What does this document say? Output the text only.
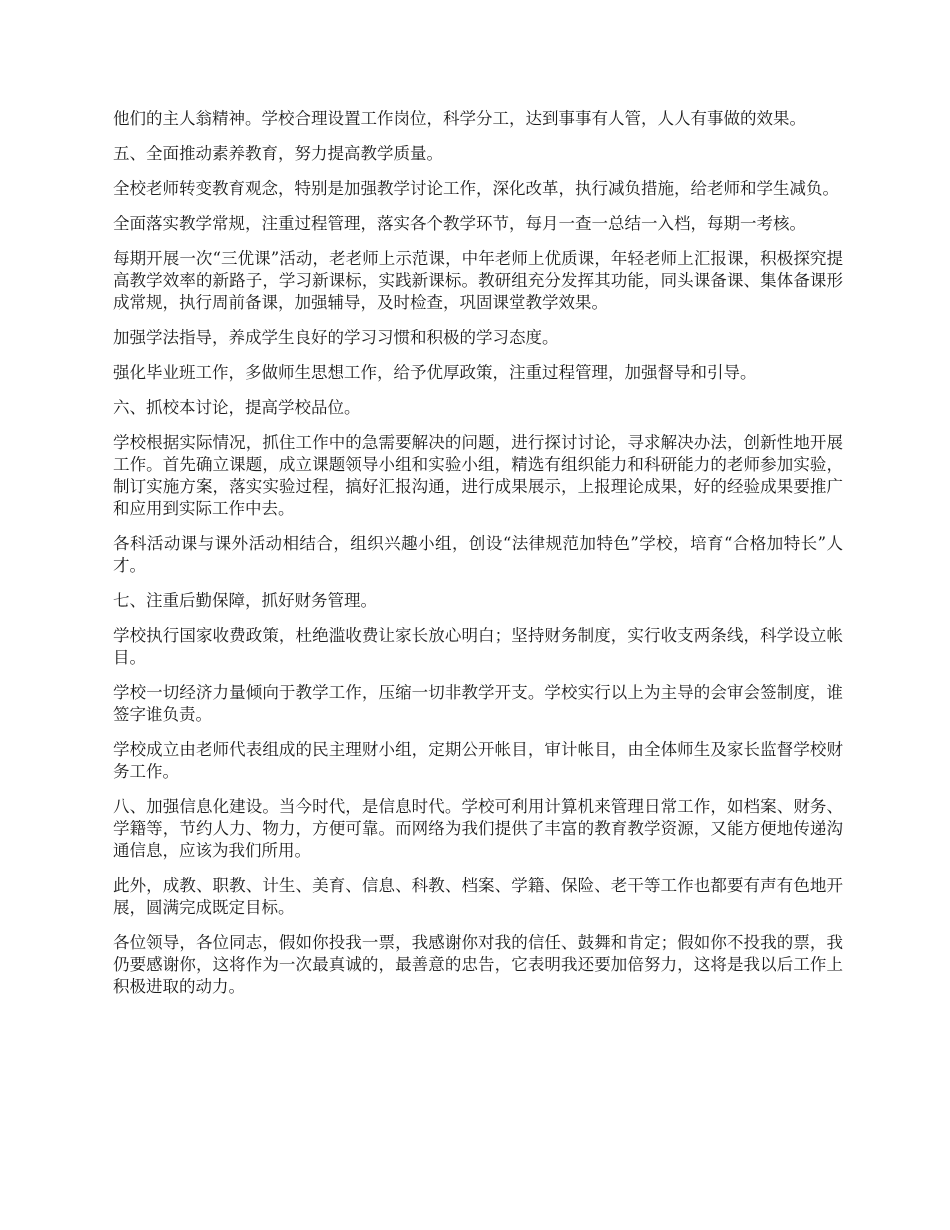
他们的主人翁精神。学校合理设置工作岗位，科学分工，达到事事有人管，人人有事做的效果。

五、全面推动素养教育，努力提高教学质量。

全校老师转变教育观念，特别是加强教学讨论工作，深化改革，执行减负措施，给老师和学生减负。

全面落实教学常规，注重过程管理，落实各个教学环节，每月一查一总结一入档，每期一考核。

每期开展一次“三优课”活动，老老师上示范课，中年老师上优质课，年轻老师上汇报课，积极探究提高教学效率的新路子，学习新课标，实践新课标。教研组充分发挥其功能，同头课备课、集体备课形成常规，执行周前备课，加强辅导，及时检查，巩固课堂教学效果。

加强学法指导，养成学生良好的学习习惯和积极的学习态度。

强化毕业班工作，多做师生思想工作，给予优厚政策，注重过程管理，加强督导和引导。

六、抓校本讨论，提高学校品位。

学校根据实际情况，抓住工作中的急需要解决的问题，进行探讨讨论，寻求解决办法，创新性地开展工作。首先确立课题，成立课题领导小组和实验小组，精选有组织能力和科研能力的老师参加实验，制订实施方案，落实实验过程，搞好汇报沟通，进行成果展示，上报理论成果，好的经验成果要推广和应用到实际工作中去。

各科活动课与课外活动相结合，组织兴趣小组，创设“法律规范加特色”学校，培育“合格加特长”人才。

七、注重后勤保障，抓好财务管理。

学校执行国家收费政策，杜绝滥收费让家长放心明白；坚持财务制度，实行收支两条线，科学设立帐目。

学校一切经济力量倾向于教学工作，压缩一切非教学开支。学校实行以上为主导的会审会签制度，谁签字谁负责。

学校成立由老师代表组成的民主理财小组，定期公开帐目，审计帐目，由全体师生及家长监督学校财务工作。

八、加强信息化建设。当今时代，是信息时代。学校可利用计算机来管理日常工作，如档案、财务、学籍等，节约人力、物力，方便可靠。而网络为我们提供了丰富的教育教学资源，又能方便地传递沟通信息，应该为我们所用。

此外，成教、职教、计生、美育、信息、科教、档案、学籍、保险、老干等工作也都要有声有色地开展，圆满完成既定目标。

各位领导，各位同志，假如你投我一票，我感谢你对我的信任、鼓舞和肯定；假如你不投我的票，我仍要感谢你，这将作为一次最真诚的，最善意的忠告，它表明我还要加倍努力，这将是我以后工作上积极进取的动力。
